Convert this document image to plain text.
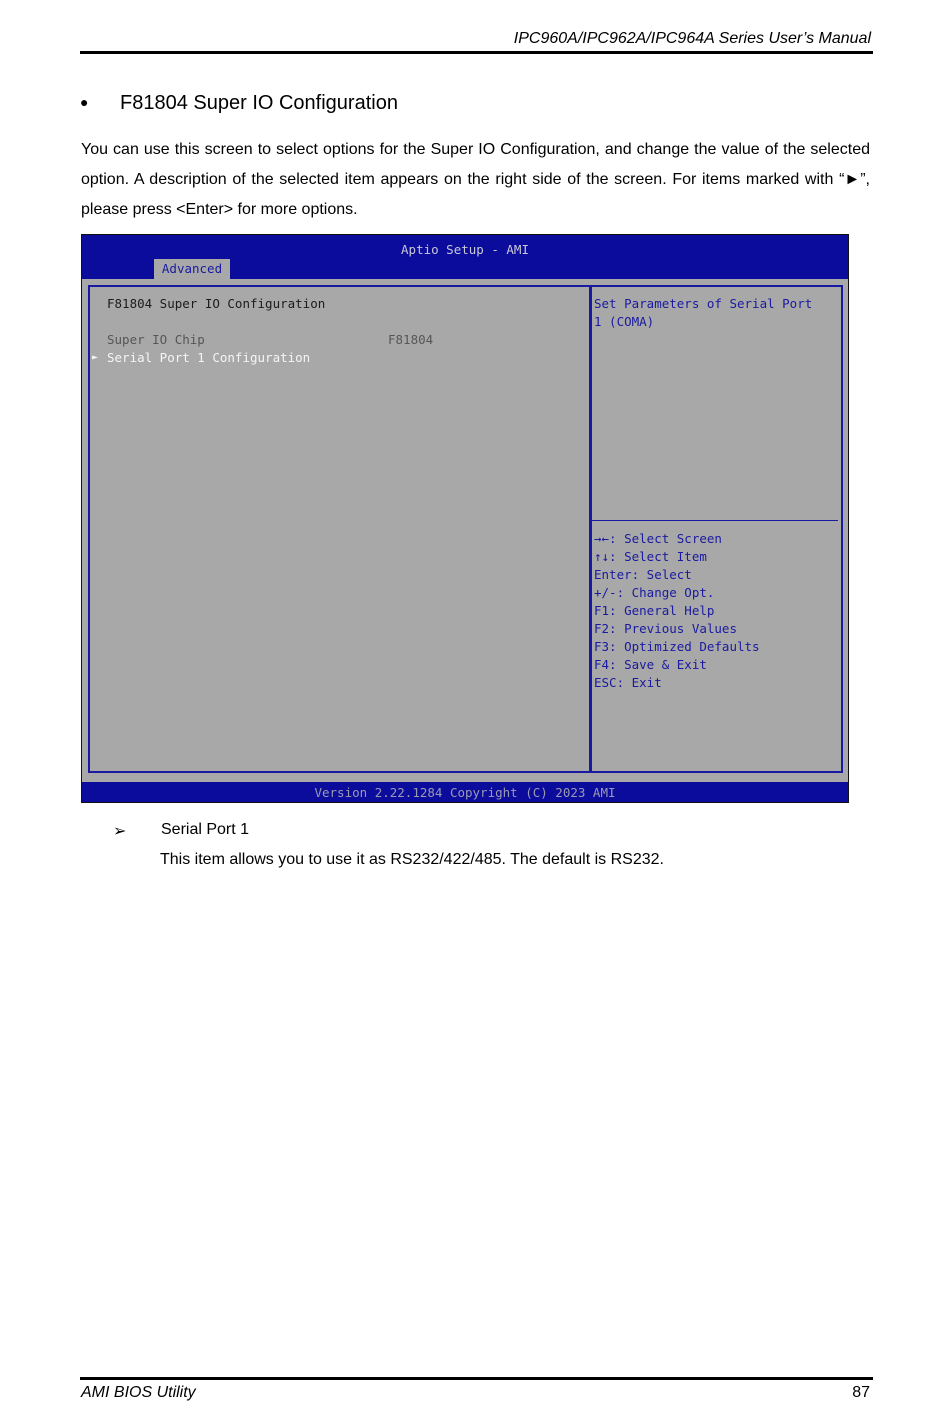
IPC960A/IPC962A/IPC964A Series User’s Manual
● F81804 Super IO Configuration
You can use this screen to select options for the Super IO Configuration, and change the value of the selected option. A description of the selected item appears on the right side of the screen. For items marked with “►”, please press <Enter> for more options.
Aptio Setup - AMI
Advanced
F81804 Super IO Configuration
Super IO Chip	F81804
► Serial Port 1 Configuration
Set Parameters of Serial Port
1 (COMA)
→←: Select Screen
↑↓: Select Item
Enter: Select
+/-: Change Opt.
F1: General Help
F2: Previous Values
F3: Optimized Defaults
F4: Save & Exit
ESC: Exit
Version 2.22.1284 Copyright (C) 2023 AMI
➢ Serial Port 1
This item allows you to use it as RS232/422/485. The default is RS232.
AMI BIOS Utility	87
